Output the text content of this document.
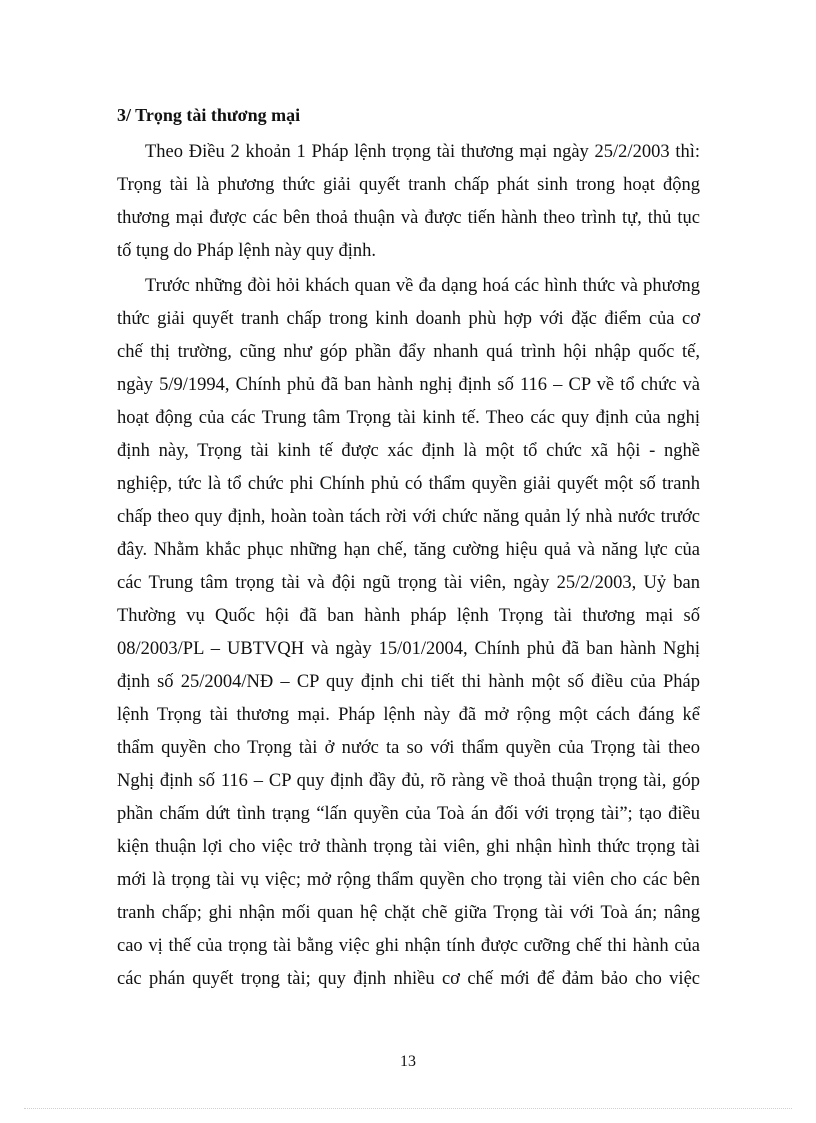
3/ Trọng tài thương mại
Theo Điều 2 khoản 1 Pháp lệnh trọng tài thương mại ngày 25/2/2003 thì:
Trọng tài là phương thức giải quyết tranh chấp phát sinh trong hoạt động
thương mại được các bên thoả thuận và được tiến hành theo trình tự, thủ tục
tố tụng do Pháp lệnh này quy định.
Trước những đòi hỏi khách quan về đa dạng hoá các hình thức và phương
thức giải quyết tranh chấp trong kinh doanh phù hợp với đặc điểm của cơ
chế thị trường, cũng như góp phần đẩy nhanh quá trình hội nhập quốc tế,
ngày 5/9/1994, Chính phủ đã ban hành nghị định số 116 – CP về tổ chức và
hoạt động của các Trung tâm Trọng tài kinh tế. Theo các quy định của nghị
định này, Trọng tài kinh tế được xác định là một tổ chức xã hội - nghề
nghiệp, tức là tổ chức phi Chính phủ có thẩm quyền giải quyết một số tranh
chấp theo quy định, hoàn toàn tách rời với chức năng quản lý nhà nước trước
đây. Nhằm khắc phục những hạn chế, tăng cường hiệu quả và năng lực của
các Trung tâm trọng tài và đội ngũ trọng tài viên, ngày 25/2/2003, Uỷ ban
Thường vụ Quốc hội đã ban hành pháp lệnh Trọng tài thương mại số
08/2003/PL – UBTVQH và ngày 15/01/2004, Chính phủ đã ban hành Nghị
định số 25/2004/NĐ – CP quy định chi tiết thi hành một số điều của Pháp
lệnh Trọng tài thương mại. Pháp lệnh này đã mở rộng một cách đáng kể
thẩm quyền cho Trọng tài ở nước ta so với thẩm quyền của Trọng tài theo
Nghị định số 116 – CP quy định đầy đủ, rõ ràng về thoả thuận trọng tài, góp
phần chấm dứt tình trạng “lấn quyền của Toà án đối với trọng tài”; tạo điều
kiện thuận lợi cho việc trở thành trọng tài viên, ghi nhận hình thức trọng tài
mới là trọng tài vụ việc; mở rộng thẩm quyền cho trọng tài viên cho các bên
tranh chấp; ghi nhận mối quan hệ chặt chẽ giữa Trọng tài với Toà án; nâng
cao vị thế của trọng tài bằng việc ghi nhận tính được cưỡng chế thi hành của
các phán quyết trọng tài; quy định nhiều cơ chế mới để đảm bảo cho việc
13
